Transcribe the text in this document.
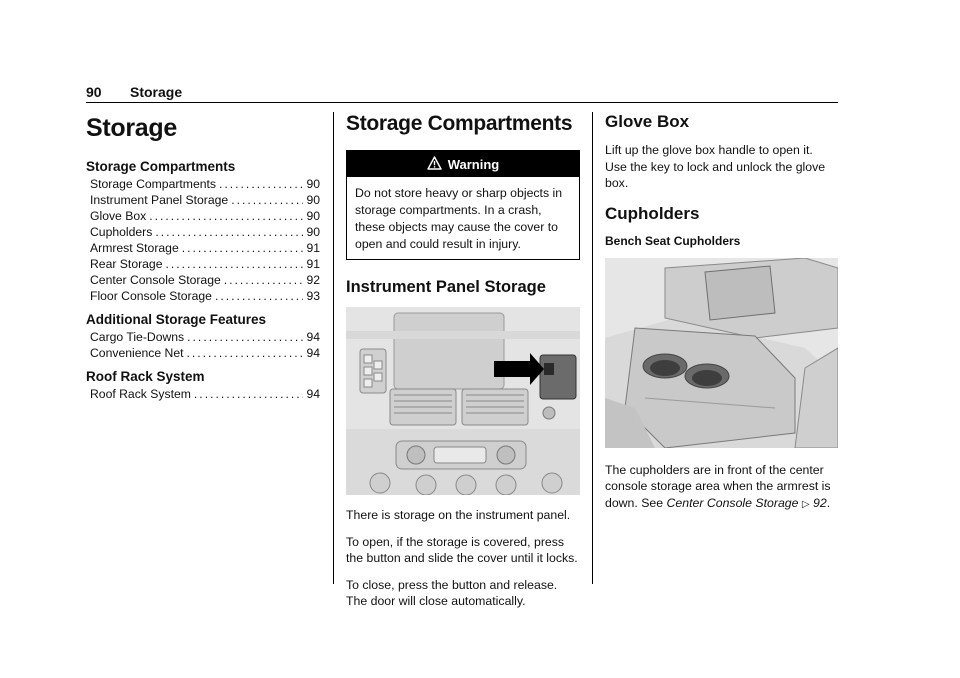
90 Storage
Storage
Storage Compartments
Storage Compartments .....	90
Instrument Panel Storage .....	90
Glove Box .....	90
Cupholders .....	90
Armrest Storage .....	91
Rear Storage .....	91
Center Console Storage .....	92
Floor Console Storage .....	93
Additional Storage Features
Cargo Tie-Downs .....	94
Convenience Net .....	94
Roof Rack System
Roof Rack System .....	94
Storage Compartments
Warning
Do not store heavy or sharp objects in storage compartments. In a crash, these objects may cause the cover to open and could result in injury.
Instrument Panel Storage

There is storage on the instrument panel.

To open, if the storage is covered, press the button and slide the cover until it locks.

To close, press the button and release. The door will close automatically.

Glove Box

Lift up the glove box handle to open it. Use the key to lock and unlock the glove box.

Cupholders
Bench Seat Cupholders

The cupholders are in front of the center console storage area when the armrest is down. See Center Console Storage ▷ 92.
